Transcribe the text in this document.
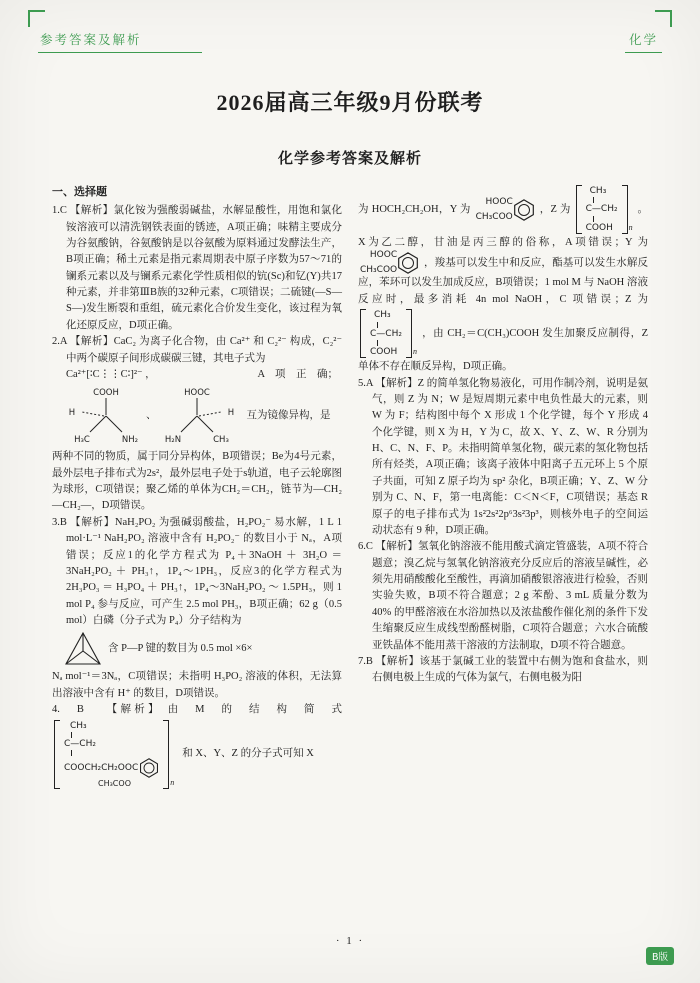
参考答案及解析	化学
2026届高三年级9月份联考
化学参考答案及解析
一、选择题

1.C 【解析】氯化铵为强酸弱碱盐，水解显酸性，用饱和氯化铵溶液可以清洗钢铁表面的锈迹，A项正确；味精主要成分为谷氨酸钠，谷氨酸钠是以谷氨酸为原料通过发酵法生产，B项正确；稀土元素是指元素周期表中原子序数为57～71的镧系元素以及与镧系元素化学性质相似的钪(Sc)和钇(Y)共17种元素，并非第ⅢB族的32种元素，C项错误；二硫键(—S—S—)发生断裂和重组，硫元素化合价发生变化，该过程为氧化还原反应，D项正确。

2.A 【解析】CaC₂ 为离子化合物，由 Ca²⁺ 和 C₂²⁻ 构成，C₂²⁻ 中两个碳原子间形成碳碳三键，其电子式为

Ca²⁺[∶C⋮⋮C∶]²⁻ ，	A　项　正　确；
COOH
H
H₃C	NH₂
、
HOOC
H
H₂N	CH₃
互为镜像异构，是

两种不同的物质，属于同分异构体，B项错误；Be为4号元素，最外层电子排布式为2s²，最外层电子处于s轨道，电子云轮廓图为球形，C项错误；聚乙烯的单体为CH₂＝CH₂，链节为—CH₂—CH₂—，D项错误。

3.B 【解析】NaH₂PO₂ 为强碱弱酸盐，H₂PO₂⁻ 易水解，1 L 1 mol·L⁻¹ NaH₂PO₂ 溶液中含有 H₂PO₂⁻ 的数目小于 Nₐ，A项错误；反应1的化学方程式为 P₄＋3NaOH ＋ 3H₂O ＝ 3NaH₂PO₂ ＋ PH₃↑，1P₄～1PH₃，反应3的化学方程式为 2H₃PO₃ ＝ H₃PO₄ ＋ PH₃↑，1P₄～3NaH₂PO₂ ～ 1.5PH₃，则 1 mol P₄ 参与反应，可产生 2.5 mol PH₃，B项正确；62 g（0.5 mol）白磷（分子式为 P₄）分子结构为

含 P—P 键的数目为 0.5 mol ×6×

Nₐ mol⁻¹＝3Nₐ，C项错误；未指明 H₃PO₂ 溶液的体积，无法算出溶液中含有 H⁺ 的数目，D项错误。

4.　B　 【解析】 由　M　的　结　构　简　式

CH₃
C—CH₂
COOCH₂CH₂OOC
CH₃COO	n
和 X、Y、Z 的分子式可知 X

为 HOCH₂CH₂OH，Y 为
HOOC
CH₃COO
，Z 为
CH₃
C—CH₂
COOH n
。X为乙二醇，甘油是丙三醇的俗称，A项错误；Y 为
HOOC
CH₃COO
，羧基可以发生中和反应，酯基可以发生水解反应，苯环可以发生加成反应，B项错误；1 mol M 与 NaOH 溶液反应时，最多消耗 4n mol NaOH，C 项错误；Z 为
CH₃
C—CH₂
COOH n
，由 CH₂＝C(CH₃)COOH 发生加聚反应制得，Z 单体不存在顺反异构，D项正确。

5.A 【解析】Z 的简单氢化物易液化，可用作制冷剂，说明是氨气，则 Z 为 N；W 是短周期元素中电负性最大的元素，则 W 为 F；结构图中每个 X 形成 1 个化学键，每个 Y 形成 4 个化学键，则 X 为 H，Y 为 C，故 X、Y、Z、W、R 分别为 H、C、N、F、P。未指明简单氢化物，碳元素的氢化物包括所有烃类，A项正确；该离子液体中阳离子五元环上 5 个原子共面，可知 Z 原子均为 sp² 杂化，B项正确；Y、Z、W 分别为 C、N、F，第一电离能：C＜N＜F，C项错误；基态 R 原子的电子排布式为 1s²2s²2p⁶3s²3p³，则核外电子的空间运动状态有 9 种，D项正确。

6.C 【解析】氢氧化钠溶液不能用酸式滴定管盛装，A项不符合题意；溴乙烷与氢氧化钠溶液充分反应后的溶液呈碱性，必须先用硝酸酸化至酸性，再滴加硝酸银溶液进行检验，否则实验失败，B项不符合题意；2 g 苯酚、3 mL 质量分数为 40% 的甲醛溶液在水浴加热以及浓盐酸作催化剂的条件下发生缩聚反应生成线型酚醛树脂，C项符合题意；六水合硫酸亚铁晶体不能用蒸干溶液的方法制取，D项不符合题意。

7.B 【解析】该基于氯碱工业的装置中右侧为饱和食盐水，则右侧电极上生成的气体为氯气，右侧电极为阳

· 1 ·
B版
